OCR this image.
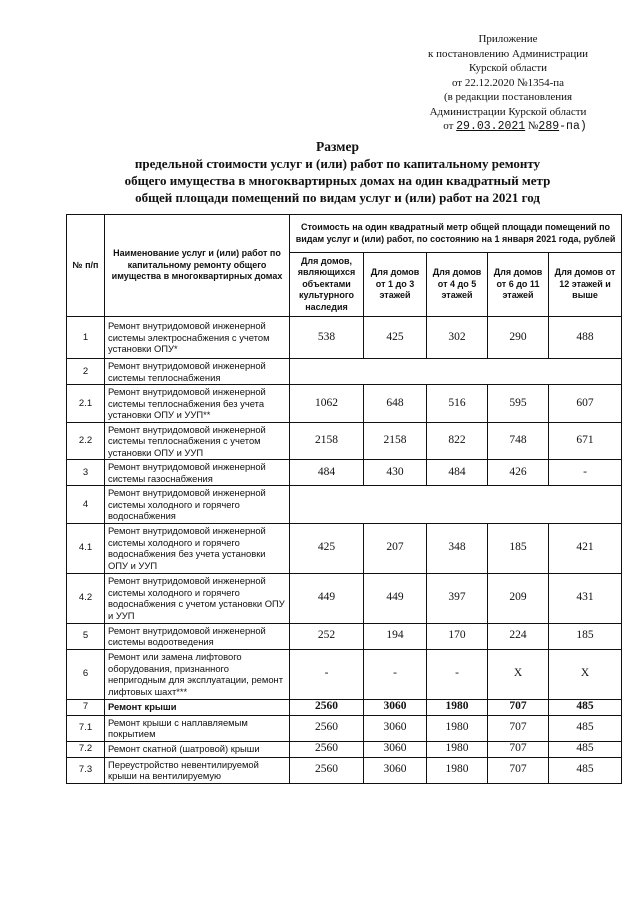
Приложение
к постановлению Администрации
Курской области
от 22.12.2020 №1354-па
(в редакции постановления
Администрации Курской области
от 29.03.2021 №289-па)
Размер
предельной стоимости услуг и (или) работ по капитальному ремонту
общего имущества в многоквартирных домах на один квадратный метр
общей площади помещений по видам услуг и (или) работ на 2021 год
№ п/п	Наименование услуг и (или) работ по капитальному ремонту общего имущества в многоквартирных домах	Стоимость на один квадратный метр общей площади помещений по видам услуг и (или) работ, по состоянию на 1 января 2021 года, рублей				
		Для домов, являющихся объектами культурного наследия	Для домов от 1 до 3 этажей	Для домов от 4 до 5 этажей	Для домов от 6 до 11 этажей	Для домов от 12 этажей и выше
1	Ремонт внутридомовой инженерной системы электроснабжения с учетом установки ОПУ*	538	425	302	290	488
2	Ремонт внутридомовой инженерной системы теплоснабжения					
2.1	Ремонт внутридомовой инженерной системы теплоснабжения без учета установки ОПУ и УУП**	1062	648	516	595	607
2.2	Ремонт внутридомовой инженерной системы теплоснабжения с учетом установки ОПУ и УУП	2158	2158	822	748	671
3	Ремонт внутридомовой инженерной системы газоснабжения	484	430	484	426	-
4	Ремонт внутридомовой инженерной системы холодного и горячего водоснабжения					
4.1	Ремонт внутридомовой инженерной системы холодного и горячего водоснабжения без учета установки ОПУ и УУП	425	207	348	185	421
4.2	Ремонт внутридомовой инженерной системы холодного и горячего водоснабжения с учетом установки ОПУ и УУП	449	449	397	209	431
5	Ремонт внутридомовой инженерной системы водоотведения	252	194	170	224	185
6	Ремонт или замена лифтового оборудования, признанного непригодным для эксплуатации, ремонт лифтовых шахт***	-	-	-	X	X
7	Ремонт крыши	2560	3060	1980	707	485
7.1	Ремонт крыши с наплавляемым покрытием	2560	3060	1980	707	485
7.2	Ремонт скатной (шатровой) крыши	2560	3060	1980	707	485
7.3	Переустройство невентилируемой крыши на вентилируемую	2560	3060	1980	707	485
